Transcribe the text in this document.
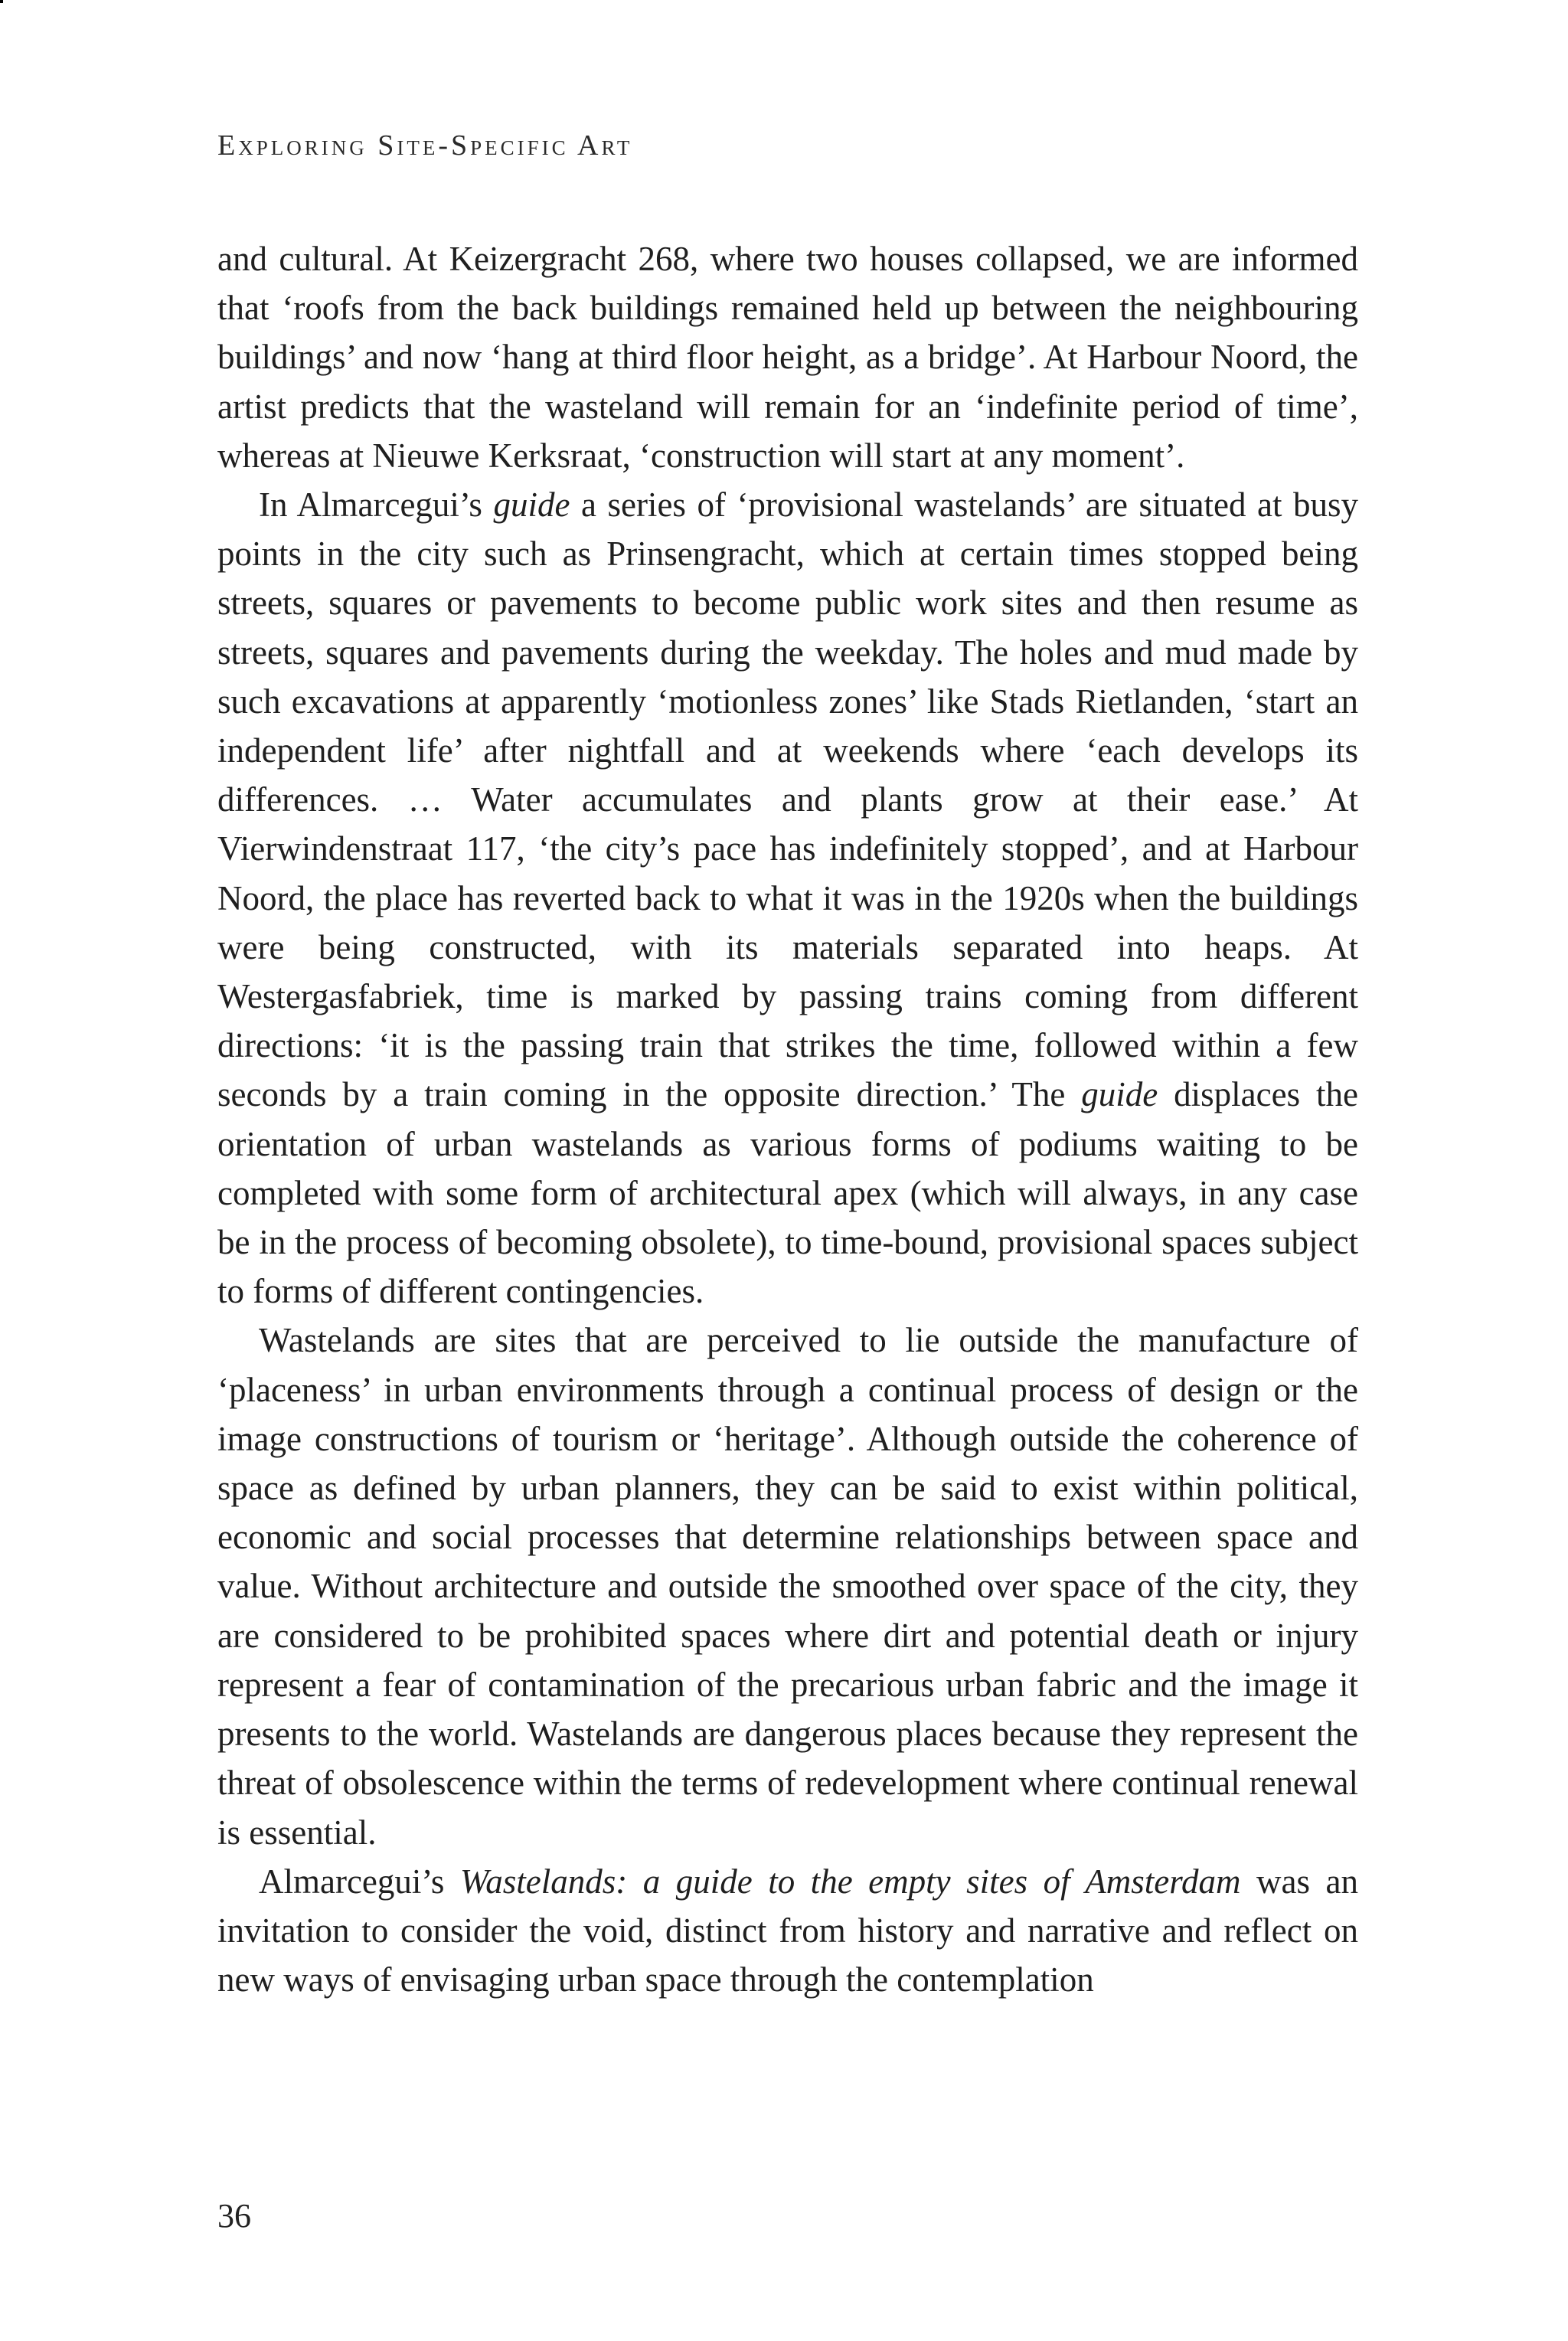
Exploring Site-Specific Art

and cultural. At Keizergracht 268, where two houses collapsed, we are informed that ‘roofs from the back buildings remained held up between the neighbouring buildings’ and now ‘hang at third floor height, as a bridge’. At Harbour Noord, the artist predicts that the wasteland will remain for an ‘indefinite period of time’, whereas at Nieuwe Kerksraat, ‘construction will start at any moment’.

In Almarcegui’s guide a series of ‘provisional wastelands’ are situated at busy points in the city such as Prinsengracht, which at certain times stopped being streets, squares or pavements to become public work sites and then resume as streets, squares and pavements during the weekday. The holes and mud made by such excavations at apparently ‘motionless zones’ like Stads Rietlanden, ‘start an independent life’ after nightfall and at weekends where ‘each develops its differences. … Water accumulates and plants grow at their ease.’ At Vierwindenstraat 117, ‘the city’s pace has indefinitely stopped’, and at Harbour Noord, the place has reverted back to what it was in the 1920s when the buildings were being constructed, with its materials separated into heaps. At Westergasfabriek, time is marked by passing trains coming from different directions: ‘it is the passing train that strikes the time, followed within a few seconds by a train coming in the opposite direction.’ The guide displaces the orientation of urban wastelands as various forms of podiums waiting to be completed with some form of architectural apex (which will always, in any case be in the process of becoming obsolete), to time-bound, provisional spaces subject to forms of different contingencies.

Wastelands are sites that are perceived to lie outside the manufacture of ‘placeness’ in urban environments through a continual process of design or the image constructions of tourism or ‘heritage’. Although outside the coherence of space as defined by urban planners, they can be said to exist within political, economic and social processes that determine relationships between space and value. Without architecture and outside the smoothed over space of the city, they are considered to be prohibited spaces where dirt and potential death or injury represent a fear of contamination of the precarious urban fabric and the image it presents to the world. Wastelands are dangerous places because they represent the threat of obsolescence within the terms of redevelopment where continual renewal is essential.

Almarcegui’s Wastelands: a guide to the empty sites of Amsterdam was an invitation to consider the void, distinct from history and narrative and reflect on new ways of envisaging urban space through the contemplation

36
